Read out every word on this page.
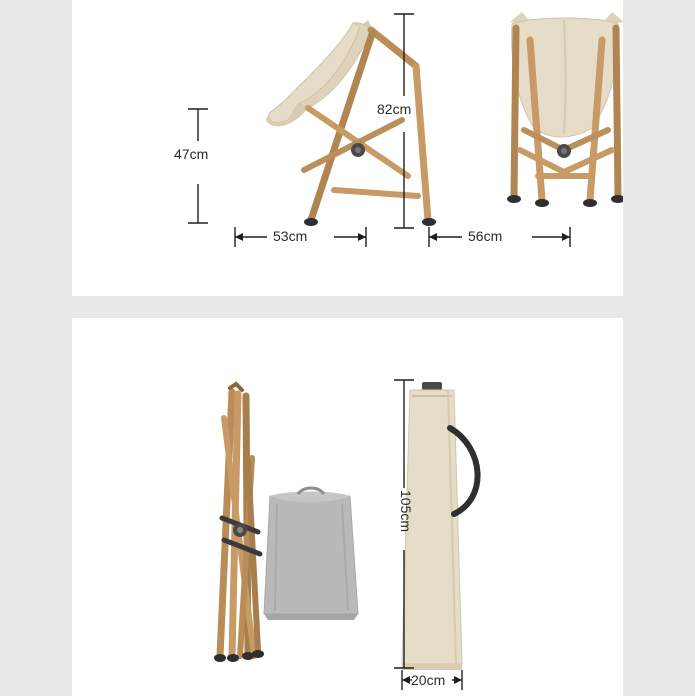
47cm
53cm
82cm
56cm
105cm
20cm
